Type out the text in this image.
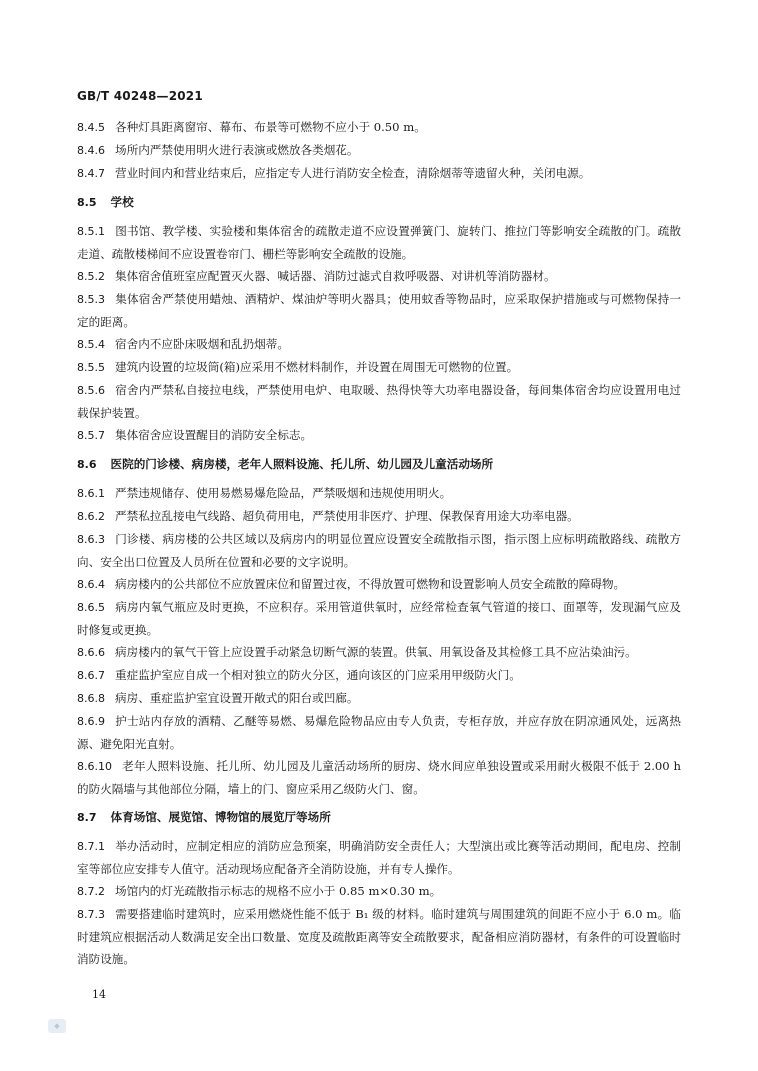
GB/T 40248—2021

8.4.5 各种灯具距离窗帘、幕布、布景等可燃物不应小于 0.50 m。

8.4.6 场所内严禁使用明火进行表演或燃放各类烟花。

8.4.7 营业时间内和营业结束后，应指定专人进行消防安全检查，清除烟蒂等遗留火种，关闭电源。

8.5 学校

8.5.1 图书馆、教学楼、实验楼和集体宿舍的疏散走道不应设置弹簧门、旋转门、推拉门等影响安全疏散的门。疏散走道、疏散楼梯间不应设置卷帘门、栅栏等影响安全疏散的设施。

8.5.2 集体宿舍值班室应配置灭火器、喊话器、消防过滤式自救呼吸器、对讲机等消防器材。

8.5.3 集体宿舍严禁使用蜡烛、酒精炉、煤油炉等明火器具；使用蚊香等物品时，应采取保护措施或与可燃物保持一定的距离。

8.5.4 宿舍内不应卧床吸烟和乱扔烟蒂。

8.5.5 建筑内设置的垃圾筒(箱)应采用不燃材料制作，并设置在周围无可燃物的位置。

8.5.6 宿舍内严禁私自接拉电线，严禁使用电炉、电取暖、热得快等大功率电器设备，每间集体宿舍均应设置用电过载保护装置。

8.5.7 集体宿舍应设置醒目的消防安全标志。

8.6 医院的门诊楼、病房楼，老年人照料设施、托儿所、幼儿园及儿童活动场所

8.6.1 严禁违规储存、使用易燃易爆危险品，严禁吸烟和违规使用明火。

8.6.2 严禁私拉乱接电气线路、超负荷用电，严禁使用非医疗、护理、保教保育用途大功率电器。

8.6.3 门诊楼、病房楼的公共区域以及病房内的明显位置应设置安全疏散指示图，指示图上应标明疏散路线、疏散方向、安全出口位置及人员所在位置和必要的文字说明。

8.6.4 病房楼内的公共部位不应放置床位和留置过夜，不得放置可燃物和设置影响人员安全疏散的障碍物。

8.6.5 病房内氧气瓶应及时更换，不应积存。采用管道供氧时，应经常检查氧气管道的接口、面罩等，发现漏气应及时修复或更换。

8.6.6 病房楼内的氧气干管上应设置手动紧急切断气源的装置。供氧、用氧设备及其检修工具不应沾染油污。

8.6.7 重症监护室应自成一个相对独立的防火分区，通向该区的门应采用甲级防火门。

8.6.8 病房、重症监护室宜设置开敞式的阳台或凹廊。

8.6.9 护士站内存放的酒精、乙醚等易燃、易爆危险物品应由专人负责，专柜存放，并应存放在阴凉通风处，远离热源、避免阳光直射。

8.6.10 老年人照料设施、托儿所、幼儿园及儿童活动场所的厨房、烧水间应单独设置或采用耐火极限不低于 2.00 h 的防火隔墙与其他部位分隔，墙上的门、窗应采用乙级防火门、窗。

8.7 体育场馆、展览馆、博物馆的展览厅等场所

8.7.1 举办活动时，应制定相应的消防应急预案，明确消防安全责任人；大型演出或比赛等活动期间，配电房、控制室等部位应安排专人值守。活动现场应配备齐全消防设施，并有专人操作。

8.7.2 场馆内的灯光疏散指示标志的规格不应小于 0.85 m×0.30 m。

8.7.3 需要搭建临时建筑时，应采用燃烧性能不低于 B₁ 级的材料。临时建筑与周围建筑的间距不应小于 6.0 m。临时建筑应根据活动人数满足安全出口数量、宽度及疏散距离等安全疏散要求，配备相应消防器材，有条件的可设置临时消防设施。

14
◆
